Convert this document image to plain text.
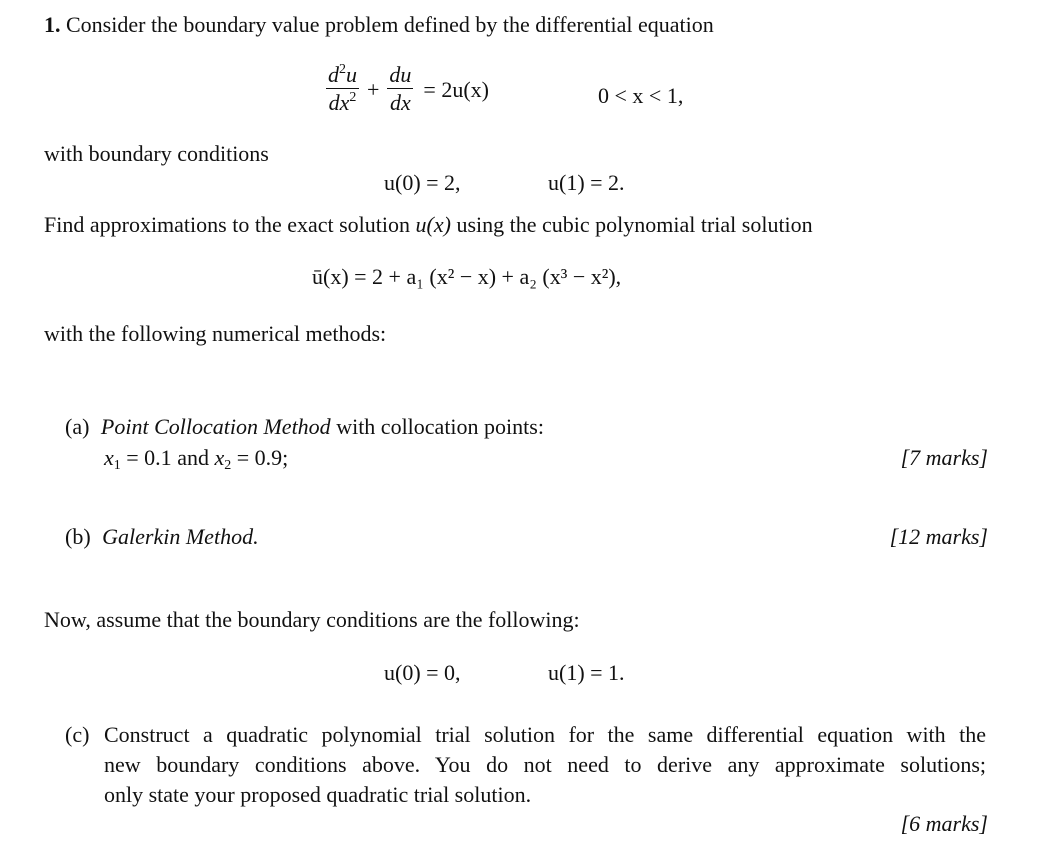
1. Consider the boundary value problem defined by the differential equation
$\frac{d^2u}{dx^2} + \frac{du}{dx} = 2u(x)$	0 < x < 1,
with boundary conditions
u(0) = 2,	u(1) = 2.
Find approximations to the exact solution u(x) using the cubic polynomial trial solution
ū(x) = 2 + a₁ (x² − x) + a₂ (x³ − x²),
with the following numerical methods:
(a) Point Collocation Method with collocation points:
$x_1 = 0.1$ and $x_2 = 0.9$;	[7 marks]
(b) Galerkin Method.	[12 marks]
Now, assume that the boundary conditions are the following:
u(0) = 0,	u(1) = 1.
(c) Construct a quadratic polynomial trial solution for the same differential equation with the
new boundary conditions above. You do not need to derive any approximate solutions;
only state your proposed quadratic trial solution.
[6 marks]
